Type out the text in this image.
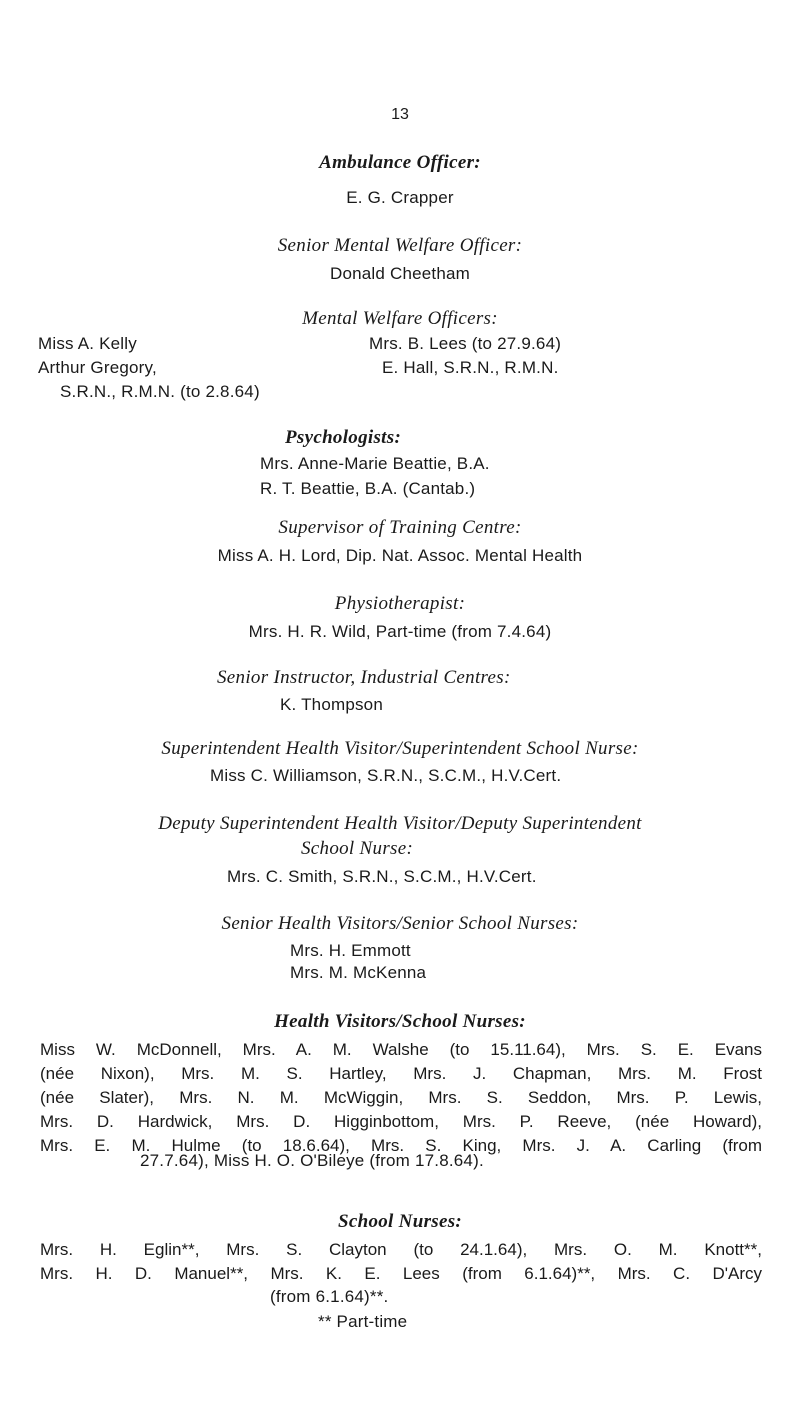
13
Ambulance Officer:
E. G. Crapper
Senior Mental Welfare Officer:
Donald Cheetham
Mental Welfare Officers:
Miss A. Kelly	Mrs. B. Lees (to 27.9.64)
Arthur Gregory,	E. Hall, S.R.N., R.M.N.
S.R.N., R.M.N. (to 2.8.64)
Psychologists:
Mrs. Anne-Marie Beattie, B.A.
R. T. Beattie, B.A. (Cantab.)
Supervisor of Training Centre:
Miss A. H. Lord, Dip. Nat. Assoc. Mental Health
Physiotherapist:
Mrs. H. R. Wild, Part-time (from 7.4.64)
Senior Instructor, Industrial Centres:
K. Thompson
Superintendent Health Visitor/Superintendent School Nurse:
Miss C. Williamson, S.R.N., S.C.M., H.V.Cert.
Deputy Superintendent Health Visitor/Deputy Superintendent
School Nurse:
Mrs. C. Smith, S.R.N., S.C.M., H.V.Cert.
Senior Health Visitors/Senior School Nurses:
Mrs. H. Emmott
Mrs. M. McKenna
Health Visitors/School Nurses:
Miss W. McDonnell, Mrs. A. M. Walshe (to 15.11.64), Mrs. S. E. Evans
(née Nixon), Mrs. M. S. Hartley, Mrs. J. Chapman, Mrs. M. Frost
(née Slater), Mrs. N. M. McWiggin, Mrs. S. Seddon, Mrs. P. Lewis,
Mrs. D. Hardwick, Mrs. D. Higginbottom, Mrs. P. Reeve, (née Howard),
Mrs. E. M. Hulme (to 18.6.64), Mrs. S. King, Mrs. J. A. Carling (from
27.7.64), Miss H. O. O'Bileye (from 17.8.64).
School Nurses:
Mrs. H. Eglin**, Mrs. S. Clayton (to 24.1.64), Mrs. O. M. Knott**,
Mrs. H. D. Manuel**, Mrs. K. E. Lees (from 6.1.64)**, Mrs. C. D'Arcy
(from 6.1.64)**.
** Part-time
